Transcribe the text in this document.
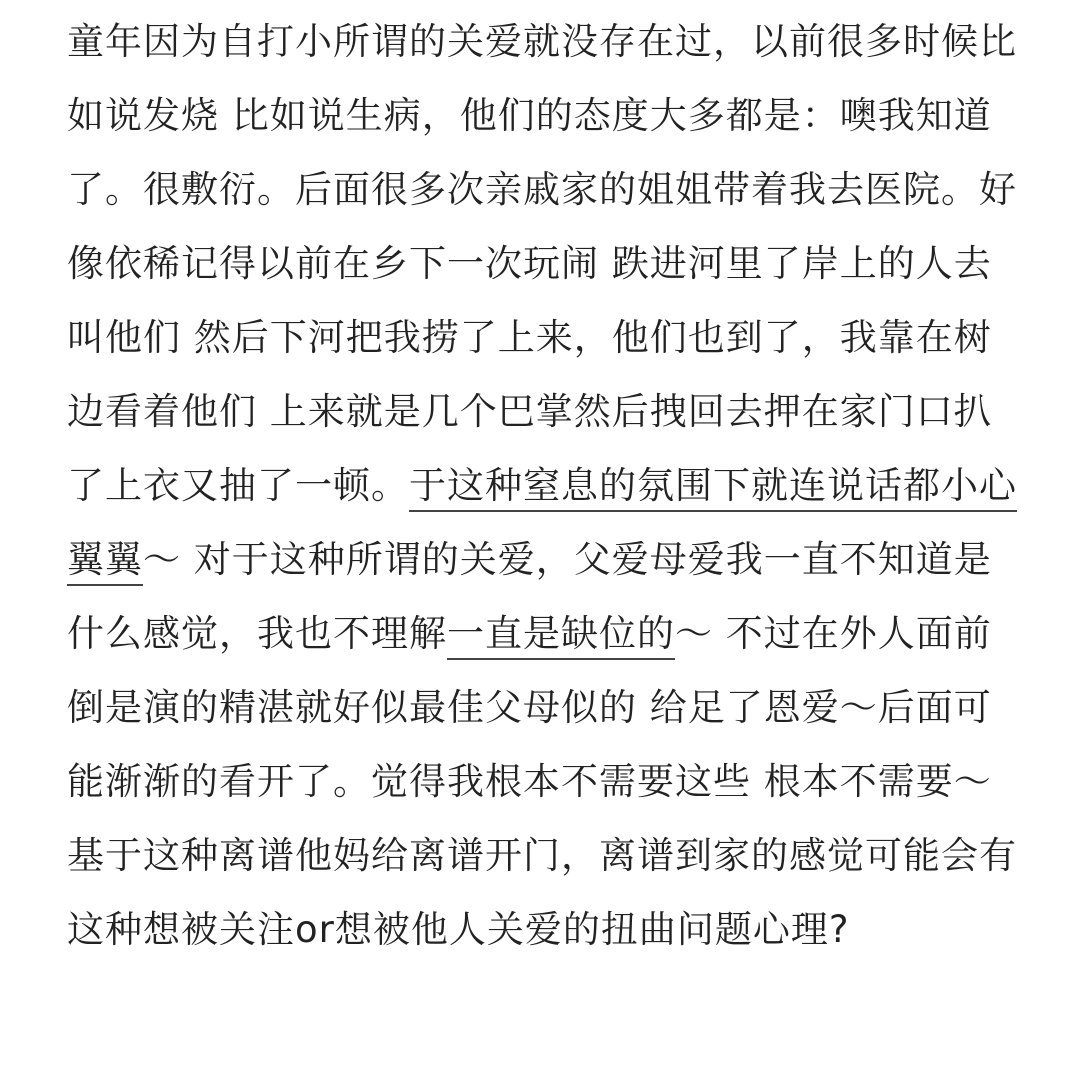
童年因为自打小所谓的关爱就没存在过，以前很多时候比如说发烧 比如说生病，他们的态度大多都是：噢我知道了。很敷衍。后面很多次亲戚家的姐姐带着我去医院。好像依稀记得以前在乡下一次玩闹 跌进河里了岸上的人去叫他们 然后下河把我捞了上来，他们也到了，我靠在树边看着他们 上来就是几个巴掌然后拽回去押在家门口扒了上衣又抽了一顿。于这种窒息的氛围下就连说话都小心翼翼～ 对于这种所谓的关爱，父爱母爱我一直不知道是什么感觉，我也不理解一直是缺位的～ 不过在外人面前 倒是演的精湛就好似最佳父母似的 给足了恩爱～后面可能渐渐的看开了。觉得我根本不需要这些 根本不需要～基于这种离谱他妈给离谱开门，离谱到家的感觉可能会有这种想被关注or想被他人关爱的扭曲问题心理?
